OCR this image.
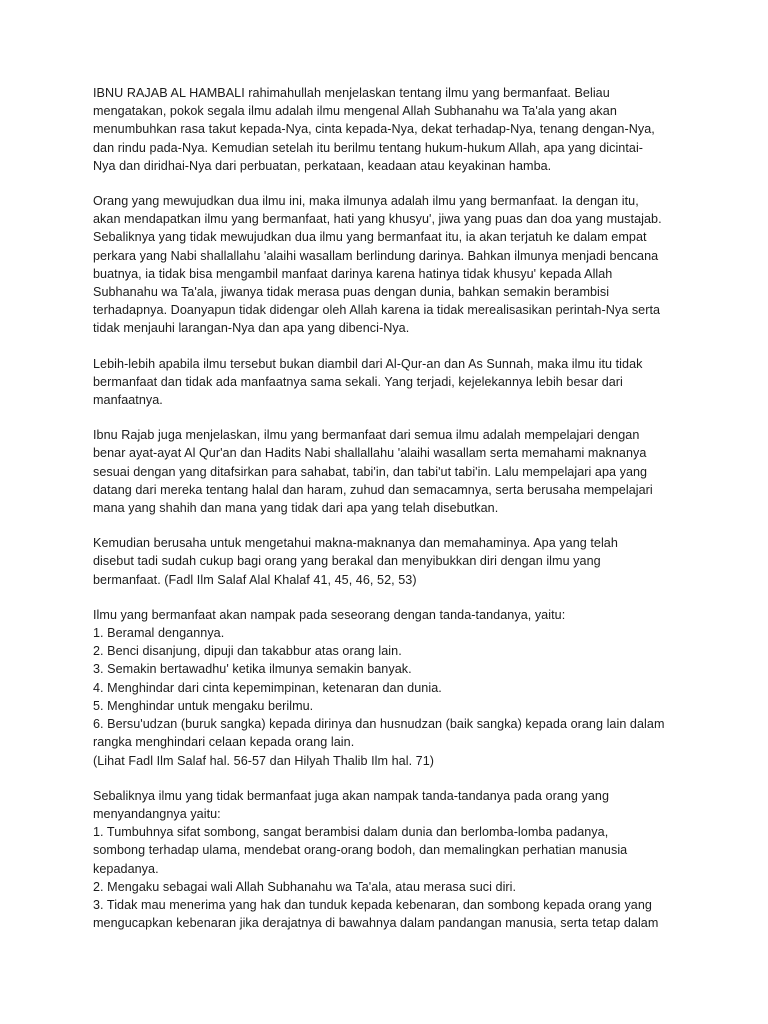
IBNU RAJAB AL HAMBALI rahimahullah menjelaskan tentang ilmu yang bermanfaat. Beliau
mengatakan, pokok segala ilmu adalah ilmu mengenal Allah Subhanahu wa Ta'ala yang akan
menumbuhkan rasa takut kepada-Nya, cinta kepada-Nya, dekat terhadap-Nya, tenang dengan-Nya,
dan rindu pada-Nya. Kemudian setelah itu berilmu tentang hukum-hukum Allah, apa yang dicintai-
Nya dan diridhai-Nya dari perbuatan, perkataan, keadaan atau keyakinan hamba.
Orang yang mewujudkan dua ilmu ini, maka ilmunya adalah ilmu yang bermanfaat. Ia dengan itu,
akan mendapatkan ilmu yang bermanfaat, hati yang khusyu', jiwa yang puas dan doa yang mustajab.
Sebaliknya yang tidak mewujudkan dua ilmu yang bermanfaat itu, ia akan terjatuh ke dalam empat
perkara yang Nabi shallallahu 'alaihi wasallam berlindung darinya. Bahkan ilmunya menjadi bencana
buatnya, ia tidak bisa mengambil manfaat darinya karena hatinya tidak khusyu' kepada Allah
Subhanahu wa Ta'ala, jiwanya tidak merasa puas dengan dunia, bahkan semakin berambisi
terhadapnya. Doanyapun tidak didengar oleh Allah karena ia tidak merealisasikan perintah-Nya serta
tidak menjauhi larangan-Nya dan apa yang dibenci-Nya.
Lebih-lebih apabila ilmu tersebut bukan diambil dari Al-Qur-an dan As Sunnah, maka ilmu itu tidak
bermanfaat dan tidak ada manfaatnya sama sekali. Yang terjadi, kejelekannya lebih besar dari
manfaatnya.
Ibnu Rajab juga menjelaskan, ilmu yang bermanfaat dari semua ilmu adalah mempelajari dengan
benar ayat-ayat Al Qur'an dan Hadits Nabi shallallahu 'alaihi wasallam serta memahami maknanya
sesuai dengan yang ditafsirkan para sahabat, tabi'in, dan tabi'ut tabi'in. Lalu mempelajari apa yang
datang dari mereka tentang halal dan haram, zuhud dan semacamnya, serta berusaha mempelajari
mana yang shahih dan mana yang tidak dari apa yang telah disebutkan.
Kemudian berusaha untuk mengetahui makna-maknanya dan memahaminya. Apa yang telah
disebut tadi sudah cukup bagi orang yang berakal dan menyibukkan diri dengan ilmu yang
bermanfaat. (Fadl Ilm Salaf Alal Khalaf 41, 45, 46, 52, 53)
Ilmu yang bermanfaat akan nampak pada seseorang dengan tanda-tandanya, yaitu:
1. Beramal dengannya.
2. Benci disanjung, dipuji dan takabbur atas orang lain.
3. Semakin bertawadhu' ketika ilmunya semakin banyak.
4. Menghindar dari cinta kepemimpinan, ketenaran dan dunia.
5. Menghindar untuk mengaku berilmu.
6. Bersu'udzan (buruk sangka) kepada dirinya dan husnudzan (baik sangka) kepada orang lain dalam
rangka menghindari celaan kepada orang lain.
(Lihat Fadl Ilm Salaf hal. 56-57 dan Hilyah Thalib Ilm hal. 71)
Sebaliknya ilmu yang tidak bermanfaat juga akan nampak tanda-tandanya pada orang yang
menyandangnya yaitu:
1. Tumbuhnya sifat sombong, sangat berambisi dalam dunia dan berlomba-lomba padanya,
sombong terhadap ulama, mendebat orang-orang bodoh, dan memalingkan perhatian manusia
kepadanya.
2. Mengaku sebagai wali Allah Subhanahu wa Ta'ala, atau merasa suci diri.
3. Tidak mau menerima yang hak dan tunduk kepada kebenaran, dan sombong kepada orang yang
mengucapkan kebenaran jika derajatnya di bawahnya dalam pandangan manusia, serta tetap dalam
